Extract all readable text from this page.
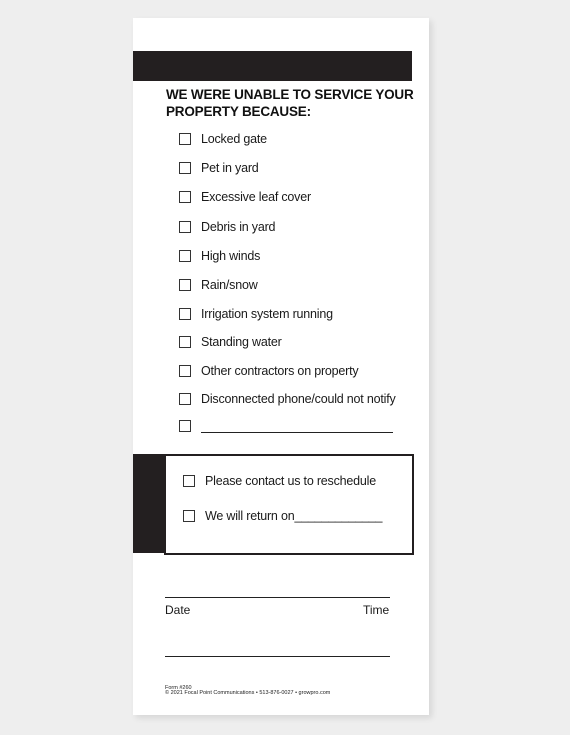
WE WERE UNABLE TO SERVICE YOUR
PROPERTY BECAUSE:
Locked gate
Pet in yard
Excessive leaf cover
Debris in yard
High winds
Rain/snow
Irrigation system running
Standing water
Other contractors on property
Disconnected phone/could not notify
Please contact us to reschedule
We will return on_____________
Date	Time
Form #260
© 2021 Focal Point Communications • 513-876-0027 • growpro.com
